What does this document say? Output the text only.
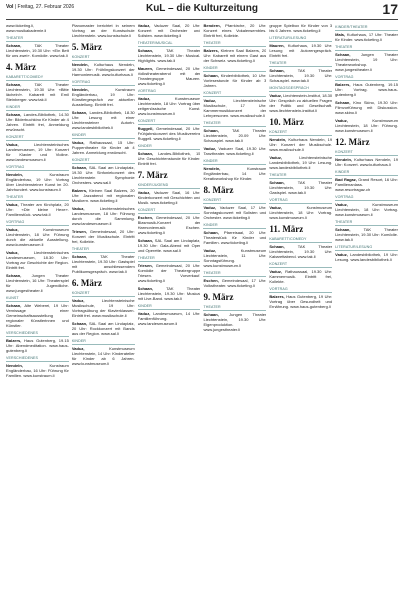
Vol | Freitag, 27. Februar 2026	KuL – die Kulturzeitung	17
www.ticketing.li, www.musikakademie.li
THEATER
Schaan,	TAK Theater Liechtenstein, 19.30 Uhr: «Ein Bett für uns zwei». Komödie. www.tak.li
4. März
KABARETT/COMEDY
Schaan,	TAK Theater Liechtenstein, 19.30 Uhr: «Bitte lächeln!». Kabarett mit Emil Steinberger. www.tak.li
KINDER
Schaan, Landes-Bibliothek, 14.30 Uhr: Bilderbuchkino für Kinder ab 4 Jahren. Eintritt frei, Anmeldung erwünscht.
KONZERT
Vaduz,	Liechtensteinisches Landesmuseum, 19 Uhr: Konzert für Klavier und Violine. www.landesmuseum.li
VORTRAG
Nendeln,	Kunstraum Engländerbau, 19 Uhr: Vortrag über Liechtensteiner Kunst im 20. Jahrhundert. www.kunstraum.li
THEATER
Vaduz, Theater am Kirchplatz, 20 Uhr: «Die kleine Hexe». Familienstück. www.tak.li
VORTRAG
Vaduz,	Kunstmuseum Liechtenstein, 18 Uhr: Führung durch die aktuelle Ausstellung. www.kunstmuseum.li
Vaduz,	Liechtensteinisches Landesmuseum, 18.30 Uhr: Vortrag zur Geschichte der Region. Eintritt frei.
Schaan,	Jungen Theater Liechtenstein, 16 Uhr: Theaterspiel für Jugendliche. www.jungestheater.li
KUNST
Schaan, Alte Weberei, 19 Uhr: Vernissage einer Gemeinschaftsausstellung regionaler Künstlerinnen und Künstler.
VERSCHIEDENES
Balzers, Haus Gutenberg, 19.15 Uhr: Abendmeditation. www.haus-gutenberg.li
VERSCHIEDENES
Nendeln,	Kunstraum Engländerbau, 16 Uhr: Führung für Familien. www.kunstraum.li
Pianomaster berichtet in seinem Vortrag an der Kunstschule Liechtenstein. www.kunstschule.li
5. März
KONZERT
Nendeln, Kulturhaus Nendeln, 19.30 Uhr: Frühlingskonzert der Harmoniemusik. www.kulturhaus.li
VORTRAG
Nendeln,	Kunstraum Engländerbau, 19 Uhr: Künstlergespräch zur aktuellen Ausstellung. Eintritt frei.
Schaan, Landes-Bibliothek, 18.30 Uhr: Lesung mit einer Liechtensteiner Autorin. www.landesbibliothek.li
KINDER
Vaduz, Rathaussaal, 15 Uhr: Puppentheater für Kinder ab 4 Jahren. Anmeldung erwünscht.
KONZERT
Schaan, SAL Saal am Lindaplatz, 19.30 Uhr: Sinfoniekonzert des Liechtenstein Symphonie Orchesters. www.sal.li
Balzers, Kleinen Saal Balzers, 20 Uhr: Jazzabend mit regionalen Musikern. www.ticketing.li
Vaduz,	Liechtensteinisches Landesmuseum, 18 Uhr: Führung durch die Sammlung. www.landesmuseum.li
Triesen, Gemeindesaal, 20 Uhr: Konzert der Musikschule. Eintritt frei, Kollekte.
THEATER
Schaan,	TAK Theater Liechtenstein, 19.30 Uhr: Gastspiel mit anschliessendem Publikumsgespräch. www.tak.li
6. März
KONZERT
Vaduz,	Liechtensteinische Musikschule, 19 Uhr: Vortragsübung der Klavierklassen. Eintritt frei. www.musikschule.li
Schaan, SAL Saal am Lindaplatz, 20 Uhr: Rockkonzert mit Bands aus der Region. www.sal.li
KINDER
Vaduz,	Kunstmuseum Liechtenstein, 14 Uhr: Kinderatelier für Kinder ab 6 Jahren. www.kunstmuseum.li
Vaduz, Vaduzer Saal, 20 Uhr: Konzert mit Orchester und Solisten. www.ticketing.li
THEATER/MUSICAL
Schaan,	TAK Theater Liechtenstein, 19.30 Uhr: Musical-Highlights. www.tak.li
Mauren, Gemeindesaal, 20 Uhr: Volkstheaterabend mit der Theatergruppe Mauren. www.ticketing.li
VORTRAG
Vaduz,	Kunstmuseum Liechtenstein, 18 Uhr: Vortrag über zeitgenössische Kunst. www.kunstmuseum.li
KONZERT
Ruggell, Gemeindesaal, 20 Uhr: Frühjahrskonzert des Musikvereins Ruggell. www.ticketing.li
KINDER
Schaan, Landes-Bibliothek, 15 Uhr: Geschichtenstunde für Kinder. Eintritt frei.
7. März
KINDER/JUGEND
Vaduz, Vaduzer Saal, 16 Uhr: Kinderkonzert mit Geschichten und Musik. www.ticketing.li
KONZERT
Eschen, Gemeindesaal, 20 Uhr: Blasmusik-Konzert der Harmoniemusik Eschen. www.ticketing.li
Schaan, SAL Saal am Lindaplatz, 19.30 Uhr: Gala-Abend mit Oper und Operette. www.sal.li
THEATER
Triesen, Gemeindesaal, 20 Uhr: Komödie der Theatergruppe Triesen. Vorverkauf. www.ticketing.li
Schaan,	TAK Theater Liechtenstein, 19.30 Uhr: Musical mit Live-Band. www.tak.li
KINDER
Vaduz, Landesmuseum, 14 Uhr: Familienführung. www.landesmuseum.li
Bendern, Pfarrkirche, 20 Uhr: Konzert eines Vokalensembles. Eintritt frei, Kollekte.
THEATER
Balzers, Kleinen Saal Balzers, 20 Uhr: Kabarett mit einem Gast aus der Schweiz. www.ticketing.li
KINDER
Schaan, Kinderbibliothek, 10 Uhr: Vorlesestunde für Kinder ab 3 Jahren.
KONZERT
Vaduz,	Liechtensteinische Musikschule, 17 Uhr: Kammermusikkonzert der Lehrpersonen. www.musikschule.li
THEATER
Schaan,	TAK Theater Liechtenstein, 20.09 Uhr: Schauspiel. www.tak.li
Vaduz, Vaduzer Saal, 19.30 Uhr: Tanztheater. www.ticketing.li
KINDER
Nendeln,	Kunstraum Engländerbau, 14 Uhr: Kreativworkshop für Kinder.
8. März
KONZERT
Vaduz, Vaduzer Saal, 17 Uhr: Sonntagskonzert mit Solisten und Orchester. www.ticketing.li
KINDER
Schaan, Pfarreisaal, 20 Uhr: Theaterstück für Kinder und Familien. www.ticketing.li
Vaduz,	Kunstmuseum Liechtenstein, 11 Uhr: Sonntagsführung. www.kunstmuseum.li
THEATER
Eschen, Gemeindesaal, 17 Uhr: Volkstheater. www.ticketing.li
9. März
THEATER
Schaan,	Jungen Theater Liechtenstein, 19.30 Uhr: Eigenproduktion. www.jungestheater.li
gruppe Spielbox für Kinder von 3 bis 6 Jahren. www.ticketing.li
LITERATUR/LESUNG
Mauren, Kulturhaus, 19.30 Uhr: Lesung mit Autorengespräch. Eintritt frei.
THEATER
Schaan,	TAK Theater Liechtenstein, 19.30 Uhr: Schauspiel. www.tak.li
MONTAGSGESPRÄCH
Vaduz, Liechtenstein-Institut, 18.30 Uhr: Gespräch zu aktuellen Fragen der Politik und Gesellschaft. www.liechtenstein-institut.li
10. März
KONZERT
Nendeln, Kulturhaus Nendeln, 19 Uhr: Konzert der Musikschule. www.musikschule.li
Vaduz,	Liechtensteinische Landesbibliothek, 19 Uhr: Lesung. www.landesbibliothek.li
THEATER
Schaan,	TAK Theater Liechtenstein, 19.30 Uhr: Gastspiel. www.tak.li
VORTRAG
Vaduz,	Kunstmuseum Liechtenstein, 18 Uhr: Vortrag. www.kunstmuseum.li
11. März
KABARETT/COMEDY
Schaan,	TAK Theater Liechtenstein, 19.30 Uhr: Kabarettabend. www.tak.li
KONZERT
Vaduz, Rathaussaal, 19.30 Uhr: Kammermusik. Eintritt frei, Kollekte.
VORTRAG
Balzers, Haus Gutenberg, 19 Uhr: Vortrag über Gesundheit und Ernährung. www.haus-gutenberg.li
KINDER/THEATER
Mals, Kulturhaus, 17 Uhr: Theater für Kinder. www.ticketing.li
THEATER
Schaan,	Jungen Theater Liechtenstein, 19 Uhr: Theaterworkshop. www.jungestheater.li
VORTRAG
Balzers, Haus Gutenberg, 19.15 Uhr: Vortrag. www.haus-gutenberg.li
Schaan, Kino Skino, 19.30 Uhr: Filmvorführung mit Diskussion. www.skino.li
Vaduz,	Kunstmuseum Liechtenstein, 18 Uhr: Führung. www.kunstmuseum.li
12. März
KONZERT
Nendeln, Kulturhaus Nendeln, 19 Uhr: Konzert. www.kulturhaus.li
KINDER
Bad Ragaz, Grand Resort, 16 Uhr: Familienanlass. www.resortragaz.ch
VORTRAG
Vaduz,	Kunstmuseum Liechtenstein, 18 Uhr: Vortrag. www.kunstmuseum.li
THEATER
Schaan,	TAK Theater Liechtenstein, 19.30 Uhr: Komödie. www.tak.li
LITERATUR/LESUNG
Vaduz, Landesbibliothek, 19 Uhr: Lesung. www.landesbibliothek.li
